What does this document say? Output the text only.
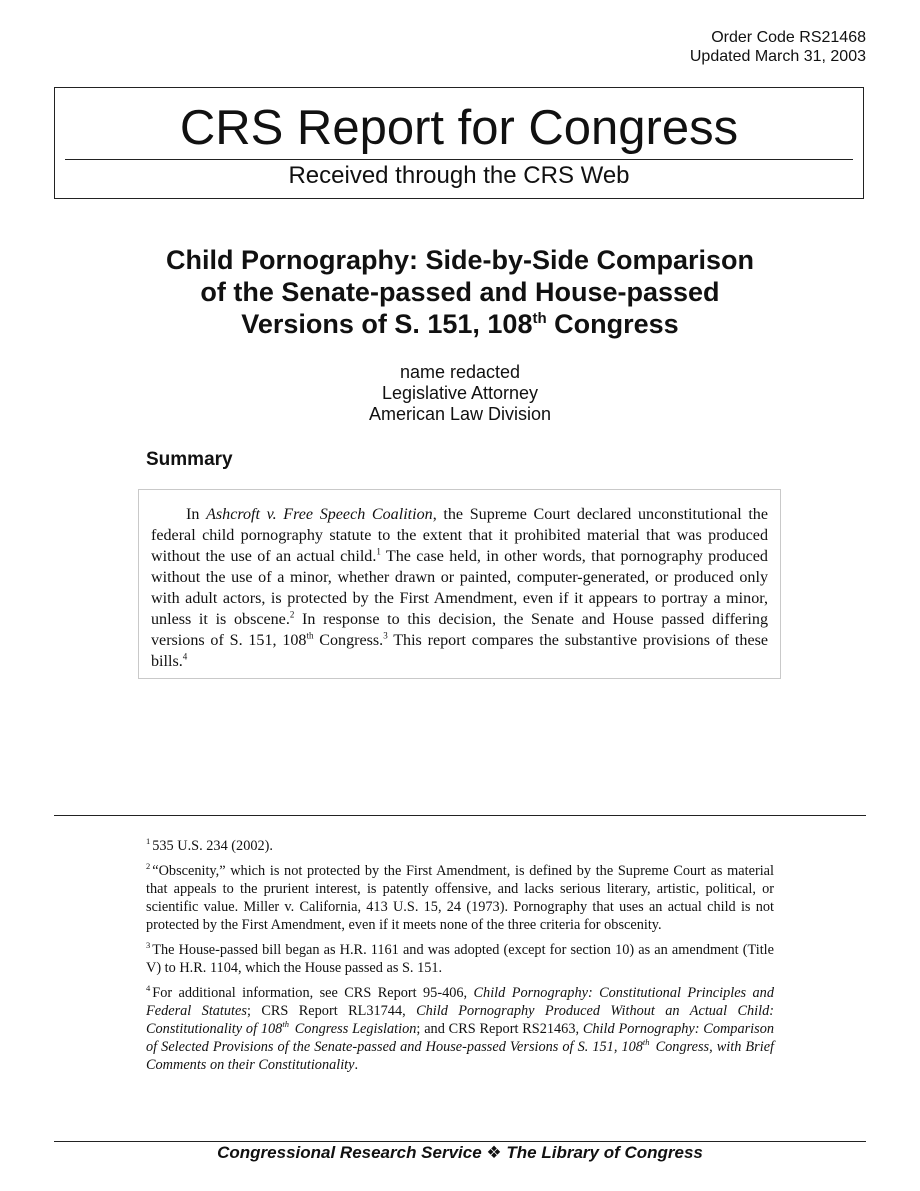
Order Code RS21468
Updated March 31, 2003
CRS Report for Congress
Received through the CRS Web
Child Pornography: Side-by-Side Comparison
of the Senate-passed and House-passed
Versions of S. 151, 108th Congress
name redacted
Legislative Attorney
American Law Division
Summary

In Ashcroft v. Free Speech Coalition, the Supreme Court declared unconstitutional the federal child pornography statute to the extent that it prohibited material that was produced without the use of an actual child.$^1$ The case held, in other words, that pornography produced without the use of a minor, whether drawn or painted, computer-generated, or produced only with adult actors, is protected by the First Amendment, even if it appears to portray a minor, unless it is obscene.$^2$ In response to this decision, the Senate and House passed differing versions of S. 151, 108th Congress.$^3$ This report compares the substantive provisions of these bills.$^4$

$^1$ 535 U.S. 234 (2002).

$^2$ “Obscenity,” which is not protected by the First Amendment, is defined by the Supreme Court as material that appeals to the prurient interest, is patently offensive, and lacks serious literary, artistic, political, or scientific value. Miller v. California, 413 U.S. 15, 24 (1973). Pornography that uses an actual child is not protected by the First Amendment, even if it meets none of the three criteria for obscenity.

$^3$ The House-passed bill began as H.R. 1161 and was adopted (except for section 10) as an amendment (Title V) to H.R. 1104, which the House passed as S. 151.

$^4$ For additional information, see CRS Report 95-406, Child Pornography: Constitutional Principles and Federal Statutes; CRS Report RL31744, Child Pornography Produced Without an Actual Child: Constitutionality of 108th Congress Legislation; and CRS Report RS21463, Child Pornography: Comparison of Selected Provisions of the Senate-passed and House-passed Versions of S. 151, 108th Congress, with Brief Comments on their Constitutionality.

Congressional Research Service ❖ The Library of Congress
